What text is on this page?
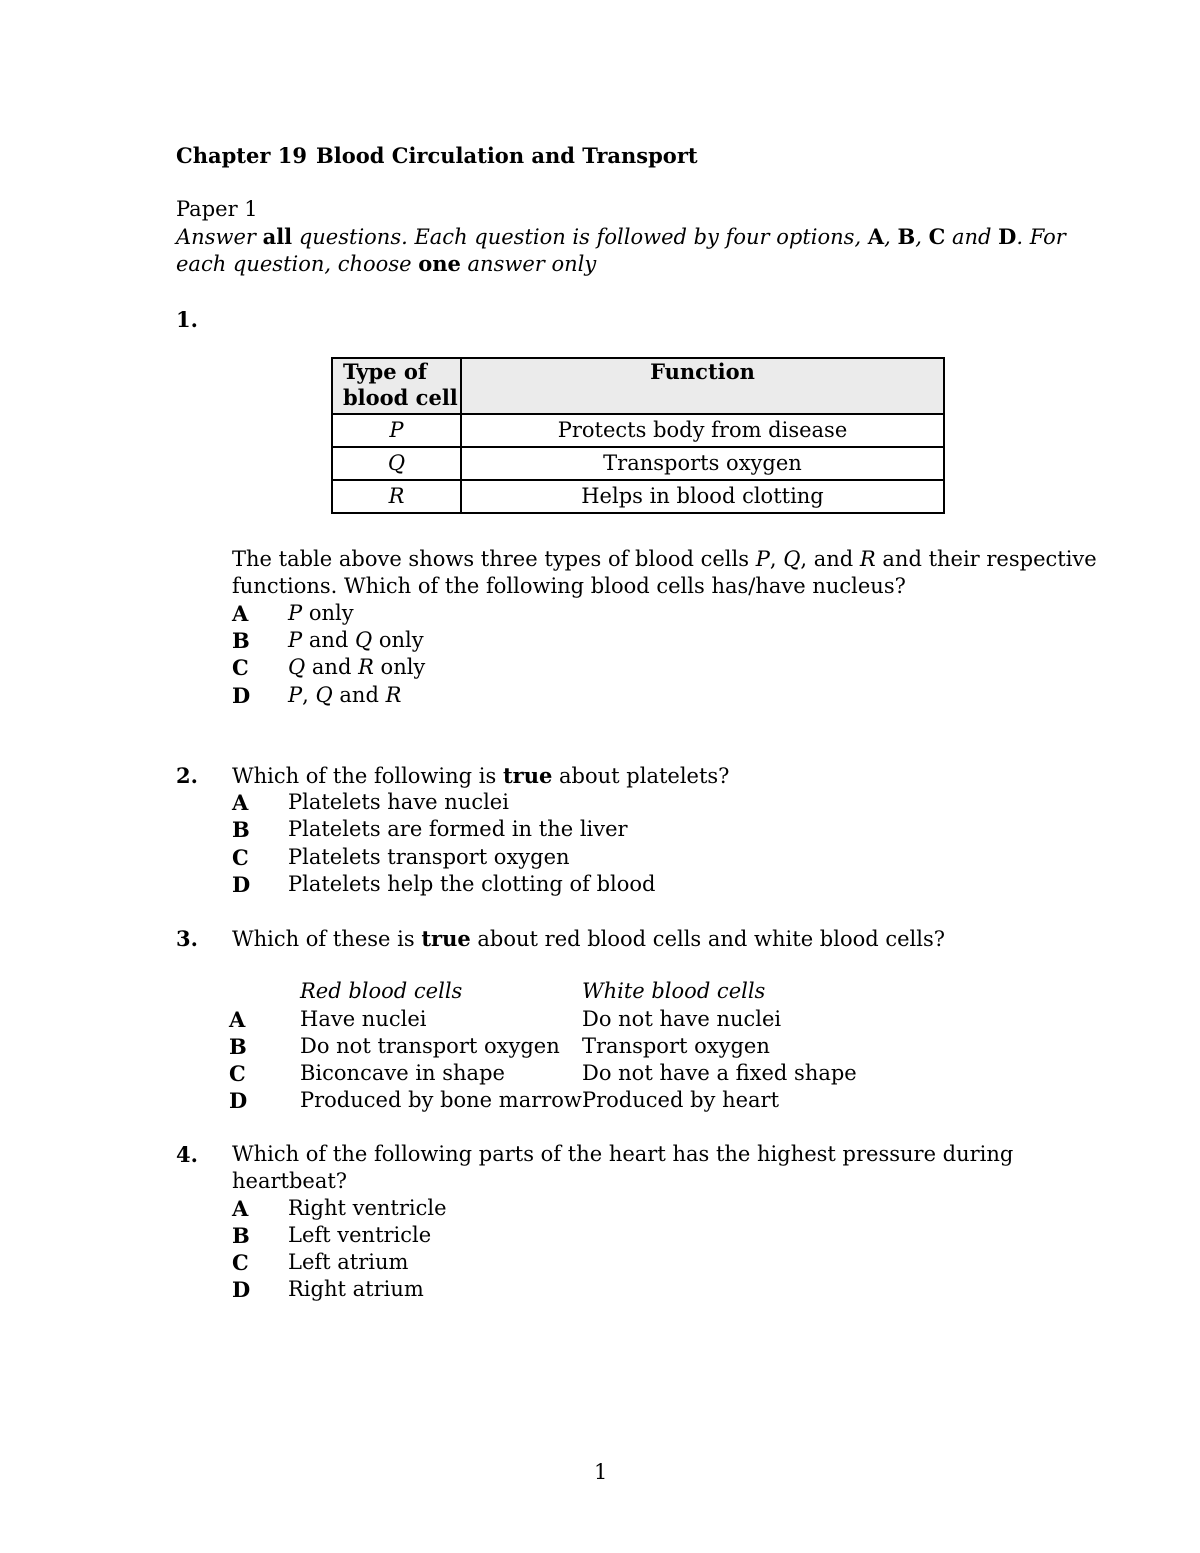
Chapter 19 Blood Circulation and Transport
Paper 1
Answer all questions. Each question is followed by four options, A, B, C and D. For
each question, choose one answer only
1.
Type of
blood cell	Function
P	Protects body from disease
Q	Transports oxygen
R	Helps in blood clotting
The table above shows three types of blood cells P, Q, and R and their respective
functions. Which of the following blood cells has/have nucleus?
A P only
B P and Q only
C Q and R only
D P, Q and R
2. Which of the following is true about platelets?
A Platelets have nuclei
B Platelets are formed in the liver
C Platelets transport oxygen
D Platelets help the clotting of blood
3. Which of these is true about red blood cells and white blood cells?
Red blood cells	White blood cells
A	Have nuclei	Do not have nuclei
B	Do not transport oxygen Transport oxygen
C	Biconcave in shape	Do not have a fixed shape
D	Produced by bone marrow Produced by heart
4. Which of the following parts of the heart has the highest pressure during
heartbeat?
A Right ventricle
B Left ventricle
C Left atrium
D Right atrium
1
